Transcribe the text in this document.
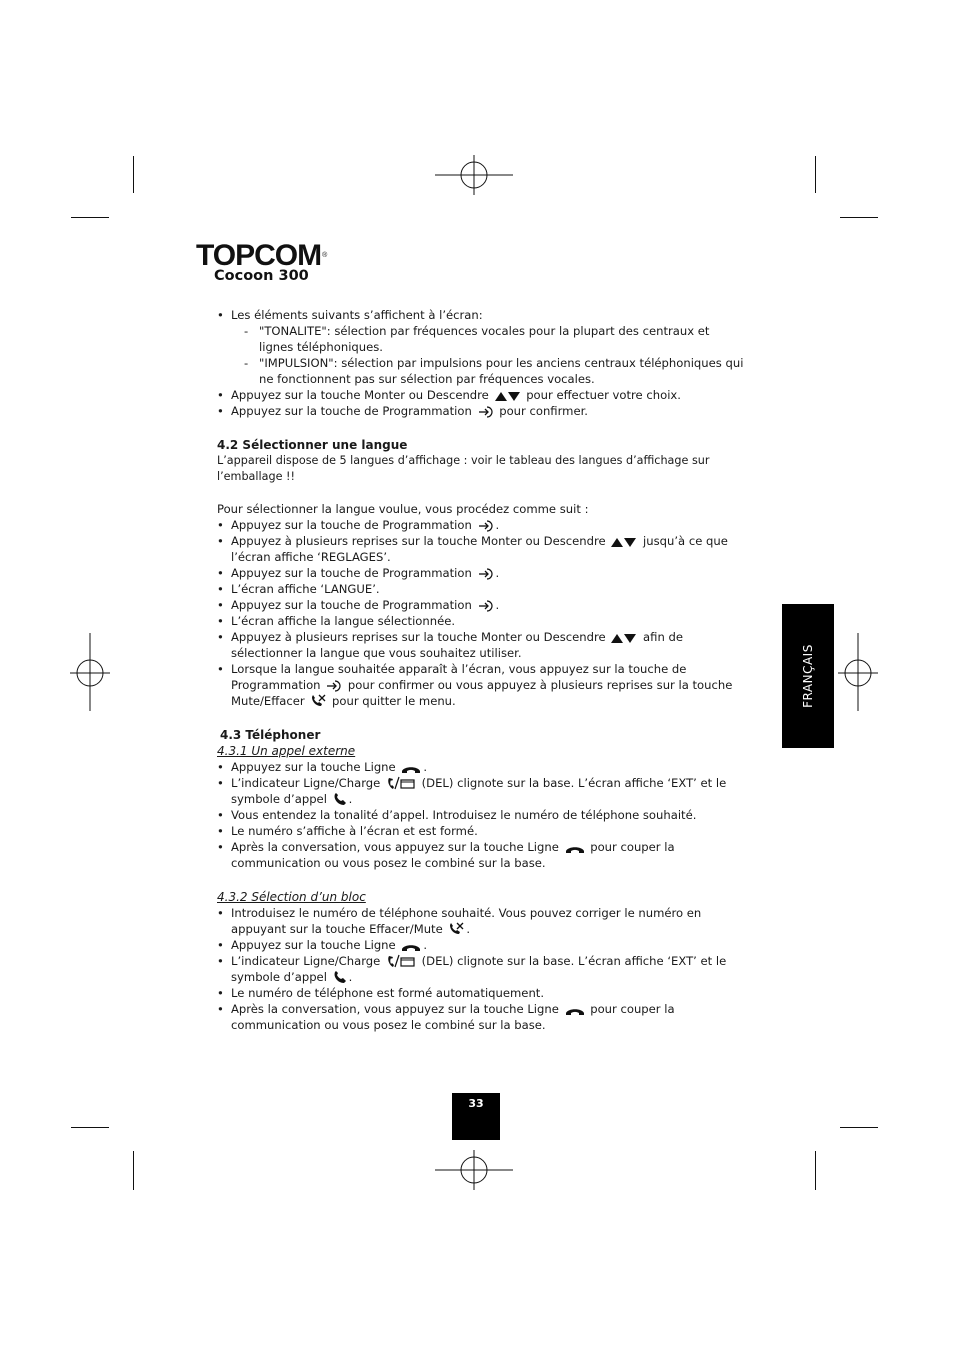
TOPCOM®
Cocoon 300
FRANÇAIS
33
• Les éléments suivants s’affichent à l’écran:
- "TONALITE": sélection par fréquences vocales pour la plupart des centraux et lignes téléphoniques.
- "IMPULSION": sélection par impulsions pour les anciens centraux téléphoniques qui ne fonctionnent pas sur sélection par fréquences vocales.
• Appuyez sur la touche Monter ou Descendre	pour effectuer votre choix.
• Appuyez sur la touche de Programmation pour confirmer.
4.2 Sélectionner une langue

L’appareil dispose de 5 langues d’affichage : voir le tableau des langues d’affichage sur l’emballage !!

Pour sélectionner la langue voulue, vous procédez comme suit :

• Appuyez sur la touche de Programmation .
• Appuyez à plusieurs reprises sur la touche Monter ou Descendre	jusqu’à ce que l’écran affiche ‘REGLAGES’.
• Appuyez sur la touche de Programmation .
• L’écran affiche ‘LANGUE’.
• Appuyez sur la touche de Programmation .
• L’écran affiche la langue sélectionnée.
• Appuyez à plusieurs reprises sur la touche Monter ou Descendre	afin de sélectionner la langue que vous souhaitez utiliser.
• Lorsque la langue souhaitée apparaît à l’écran, vous appuyez sur la touche de Programmation pour confirmer ou vous appuyez à plusieurs reprises sur la touche Mute/Effacer pour quitter le menu.
4.3 Téléphoner
4.3.1 Un appel externe
• Appuyez sur la touche Ligne .
• L’indicateur Ligne/Charge	(DEL) clignote sur la base. L’écran affiche ‘EXT’ et le symbole d’appel .
• Vous entendez la tonalité d’appel. Introduisez le numéro de téléphone souhaité.
• Le numéro s’affiche à l’écran et est formé.
• Après la conversation, vous appuyez sur la touche Ligne	pour couper la communication ou vous posez le combiné sur la base.
4.3.2 Sélection d’un bloc
• Introduisez le numéro de téléphone souhaité. Vous pouvez corriger le numéro en appuyant sur la touche Effacer/Mute .
• Appuyez sur la touche Ligne .
• L’indicateur Ligne/Charge	(DEL) clignote sur la base. L’écran affiche ‘EXT’ et le symbole d’appel .
• Le numéro de téléphone est formé automatiquement.
• Après la conversation, vous appuyez sur la touche Ligne	pour couper la communication ou vous posez le combiné sur la base.
